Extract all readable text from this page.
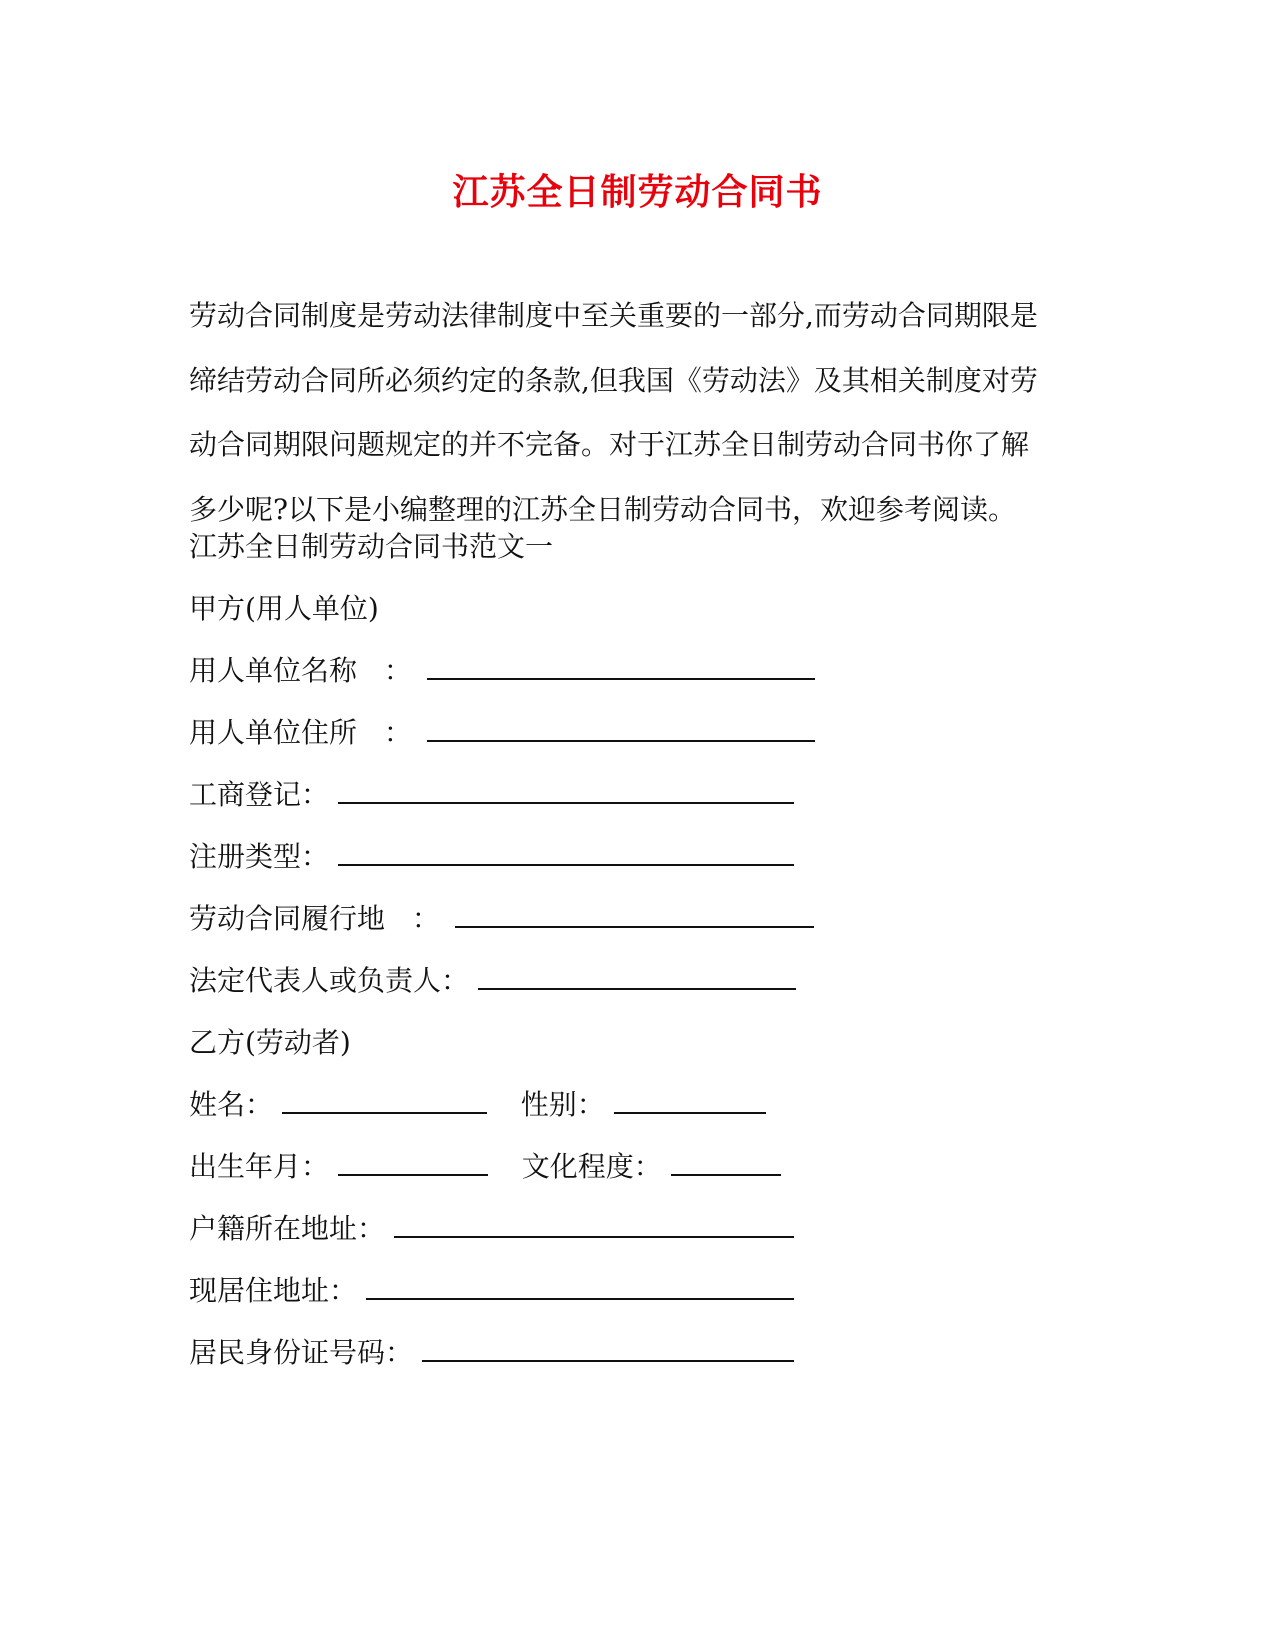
江苏全日制劳动合同书
劳动合同制度是劳动法律制度中至关重要的一部分,而劳动合同期限是
缔结劳动合同所必须约定的条款,但我国《劳动法》及其相关制度对劳
动合同期限问题规定的并不完备。对于江苏全日制劳动合同书你了解
多少呢?以下是小编整理的江苏全日制劳动合同书，欢迎参考阅读。
江苏全日制劳动合同书范文一
甲方(用人单位)
用人单位名称 ：
用人单位住所 ：
工商登记：
注册类型：
劳动合同履行地 ：
法定代表人或负责人：
乙方(劳动者)
姓名：	性别：
出生年月：	文化程度：
户籍所在地址：
现居住地址：
居民身份证号码：
